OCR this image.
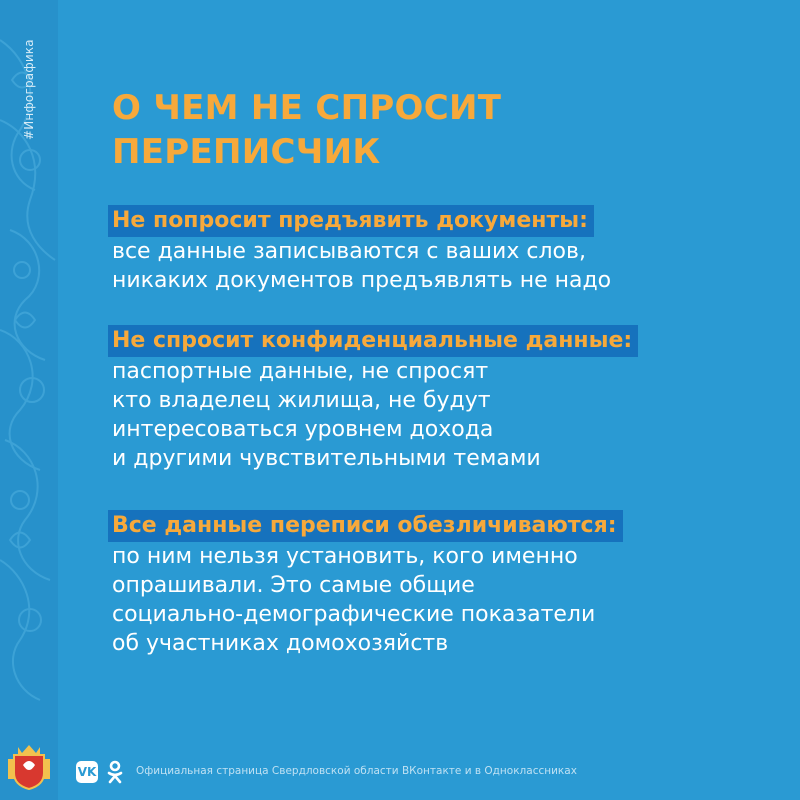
#Инфографика О ЧЕМ НЕ СПРОСИТ
ПЕРЕПИСЧИК
Не попросит предъявить документы:
все данные записываются с ваших слов,
никаких документов предъявлять не надо
Не спросит конфиденциальные данные:
паспортные данные, не спросят
кто владелец жилища, не будут
интересоваться уровнем дохода
и другими чувствительными темами
Все данные переписи обезличиваются:
по ним нельзя установить, кого именно
опрашивали. Это самые общие
социально-демографические показатели
об участниках домохозяйств
VK	Официальная страница Свердловской области ВКонтакте и в Одноклассниках
